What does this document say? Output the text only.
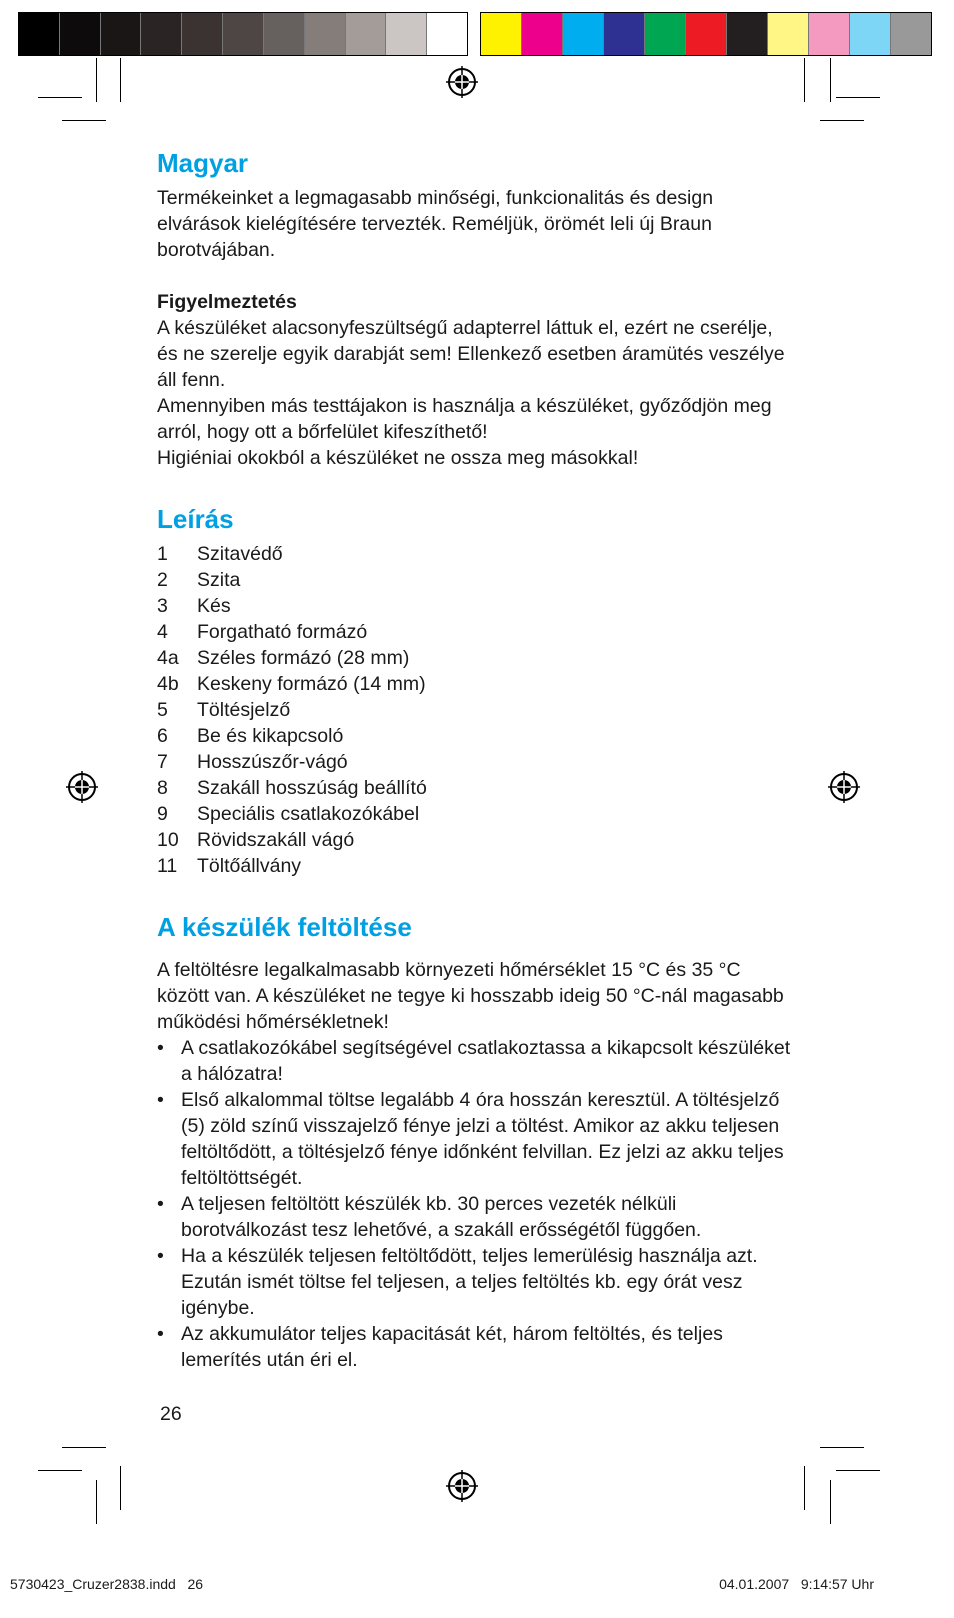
Magyar

Termékeinket a legmagasabb minőségi, funkcionalitás és design elvárások kielégítésére tervezték. Reméljük, örömét leli új Braun borotvájában.

Figyelmeztetés

A készüléket alacsonyfeszültségű adapterrel láttuk el, ezért ne cserélje, és ne szerelje egyik darabját sem! Ellenkező esetben áramütés veszélye áll fenn.

Amennyiben más testtájakon is használja a készüléket, győződjön meg arról, hogy ott a bőrfelület kifeszíthető!

Higiéniai okokból a készüléket ne ossza meg másokkal!

Leírás
1	Szitavédő
2	Szita
3	Kés
4	Forgatható formázó
4a Széles formázó (28 mm)
4b Keskeny formázó (14 mm)
5	Töltésjelző
6	Be és kikapcsoló
7	Hosszúszőr-vágó
8	Szakáll hosszúság beállító
9	Speciális csatlakozókábel
10 Rövidszakáll vágó
11	Töltőállvány
A készülék feltöltése

A feltöltésre legalkalmasabb környezeti hőmérséklet 15 °C és 35 °C között van. A készüléket ne tegye ki hosszabb ideig 50 °C-nál magasabb működési hőmérsékletnek!

• A csatlakozókábel segítségével csatlakoztassa a kikapcsolt készüléket a hálózatra!
• Első alkalommal töltse legalább 4 óra hosszán keresztül. A töltésjelző (5) zöld színű visszajelző fénye jelzi a töltést. Amikor az akku teljesen feltöltődött, a töltésjelző fénye időnként felvillan. Ez jelzi az akku teljes feltöltöttségét.
• A teljesen feltöltött készülék kb. 30 perces vezeték nélküli borotválkozást tesz lehetővé, a szakáll erősségétől függően.
• Ha a készülék teljesen feltöltődött, teljes lemerülésig használja azt. Ezután ismét töltse fel teljesen, a teljes feltöltés kb. egy órát vesz igénybe.
• Az akkumulátor teljes kapacitását két, három feltöltés, és teljes lemerítés után éri el.
26
5730423_Cruzer2838.indd   26	04.01.2007   9:14:57 Uhr
